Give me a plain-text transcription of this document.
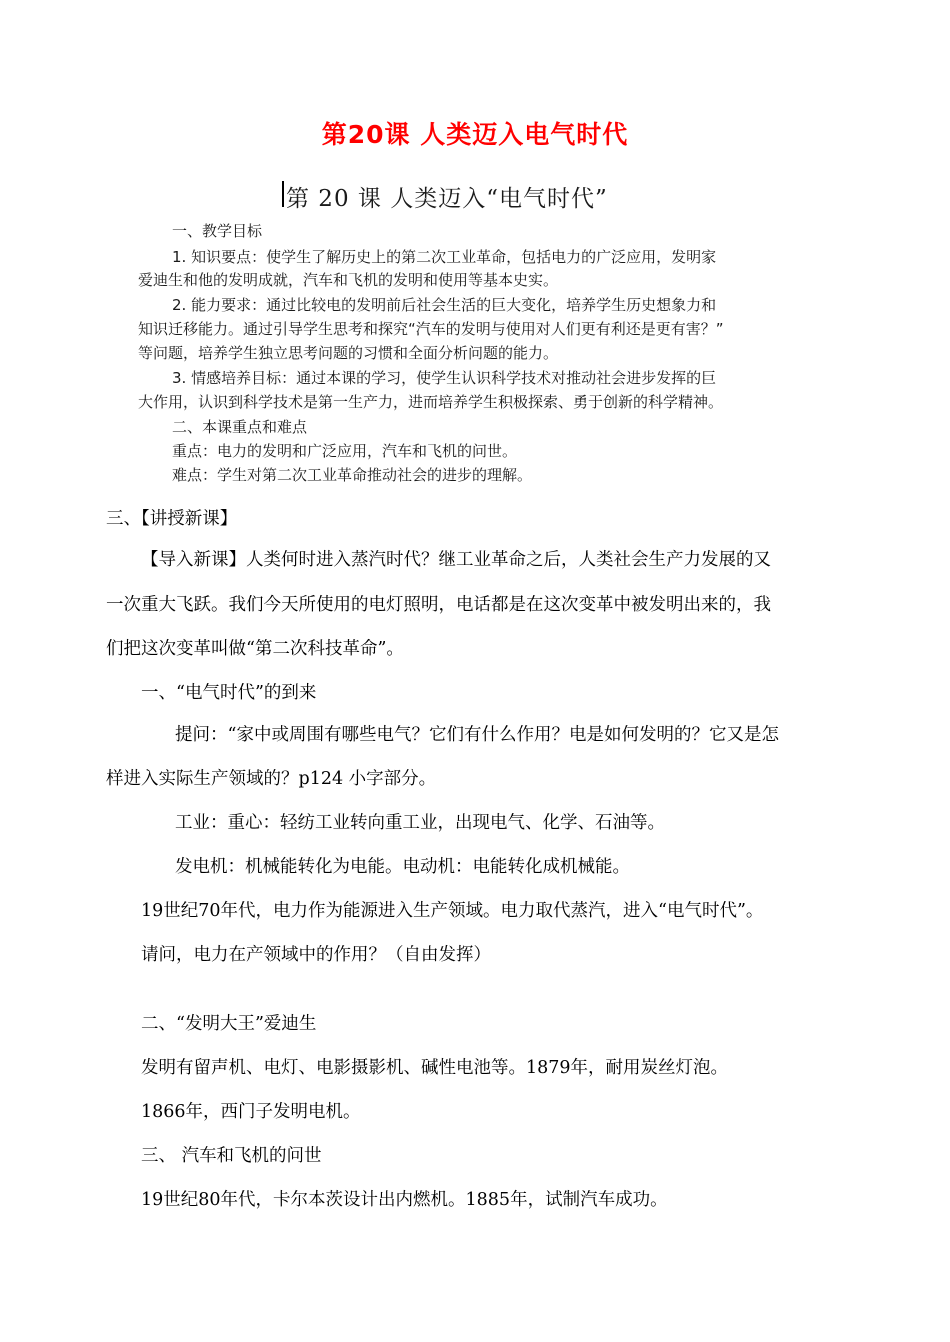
第20课 人类迈入电气时代
第 20 课 人类迈入“电气时代”
一、教学目标
1. 知识要点：使学生了解历史上的第二次工业革命，包括电力的广泛应用，发明家
爱迪生和他的发明成就，汽车和飞机的发明和使用等基本史实。
2. 能力要求：通过比较电的发明前后社会生活的巨大变化，培养学生历史想象力和
知识迁移能力。通过引导学生思考和探究“汽车的发明与使用对人们更有利还是更有害？”
等问题，培养学生独立思考问题的习惯和全面分析问题的能力。
3. 情感培养目标：通过本课的学习，使学生认识科学技术对推动社会进步发挥的巨
大作用，认识到科学技术是第一生产力，进而培养学生积极探索、勇于创新的科学精神。
二、本课重点和难点
重点：电力的发明和广泛应用，汽车和飞机的问世。
难点：学生对第二次工业革命推动社会的进步的理解。
三、【讲授新课】
【导入新课】人类何时进入蒸汽时代？继工业革命之后，人类社会生产力发展的又
一次重大飞跃。我们今天所使用的电灯照明，电话都是在这次变革中被发明出来的，我
们把这次变革叫做“第二次科技革命”。
一、“电气时代”的到来
提问：“家中或周围有哪些电气？它们有什么作用？电是如何发明的？它又是怎
样进入实际生产领域的？p124 小字部分。
工业：重心：轻纺工业转向重工业，出现电气、化学、石油等。
发电机：机械能转化为电能。电动机：电能转化成机械能。
19世纪70年代，电力作为能源进入生产领域。电力取代蒸汽，进入“电气时代”。
请问，电力在产领域中的作用？（自由发挥）
二、“发明大王”爱迪生
发明有留声机、电灯、电影摄影机、碱性电池等。1879年，耐用炭丝灯泡。
1866年，西门子发明电机。
三、 汽车和飞机的问世
19世纪80年代，卡尔本茨设计出内燃机。1885年，试制汽车成功。
